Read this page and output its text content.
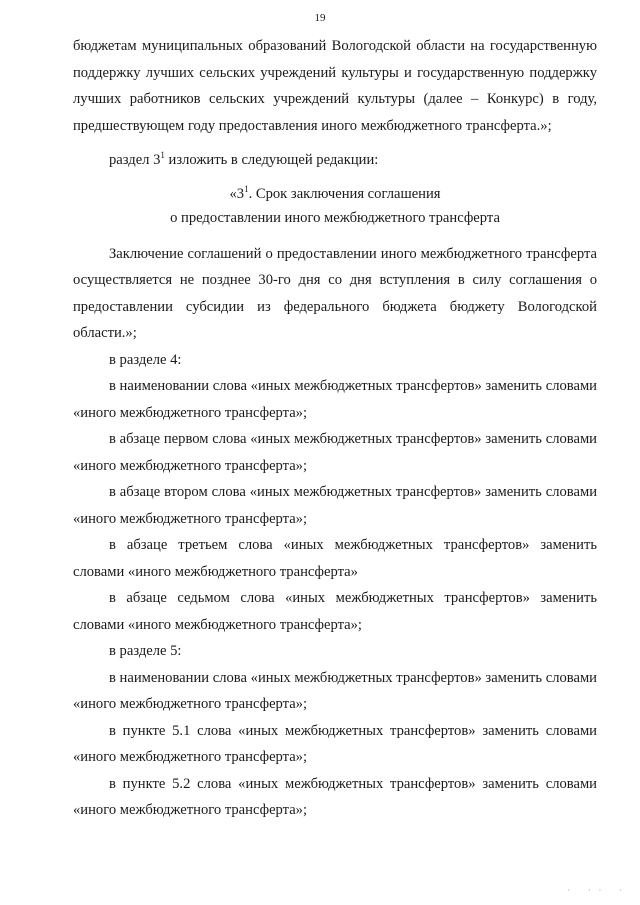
19

бюджетам муниципальных образований Вологодской области на государственную поддержку лучших сельских учреждений культуры и государственную поддержку лучших работников сельских учреждений культуры (далее – Конкурс) в году, предшествующем году предоставления иного межбюджетного трансферта.»;

раздел $3^1$ изложить в следующей редакции:

«$3^1$. Срок заключения соглашения

о предоставлении иного межбюджетного трансферта

Заключение соглашений о предоставлении иного межбюджетного трансферта осуществляется не позднее 30-го дня со дня вступления в силу соглашения о предоставлении субсидии из федерального бюджета бюджету Вологодской области.»;

в разделе 4:

в наименовании слова «иных межбюджетных трансфертов» заменить словами «иного межбюджетного трансферта»;

в абзаце первом слова «иных межбюджетных трансфертов» заменить словами «иного межбюджетного трансферта»;

в абзаце втором слова «иных межбюджетных трансфертов» заменить словами «иного межбюджетного трансферта»;

в абзаце третьем слова «иных межбюджетных трансфертов» заменить словами «иного межбюджетного трансферта»

в абзаце седьмом слова «иных межбюджетных трансфертов» заменить словами «иного межбюджетного трансферта»;

в разделе 5:

в наименовании слова «иных межбюджетных трансфертов» заменить словами «иного межбюджетного трансферта»;

в пункте 5.1 слова «иных межбюджетных трансфертов» заменить словами «иного межбюджетного трансферта»;

в пункте 5.2 слова «иных межбюджетных трансфертов» заменить словами «иного межбюджетного трансферта»;

· ·· ·
